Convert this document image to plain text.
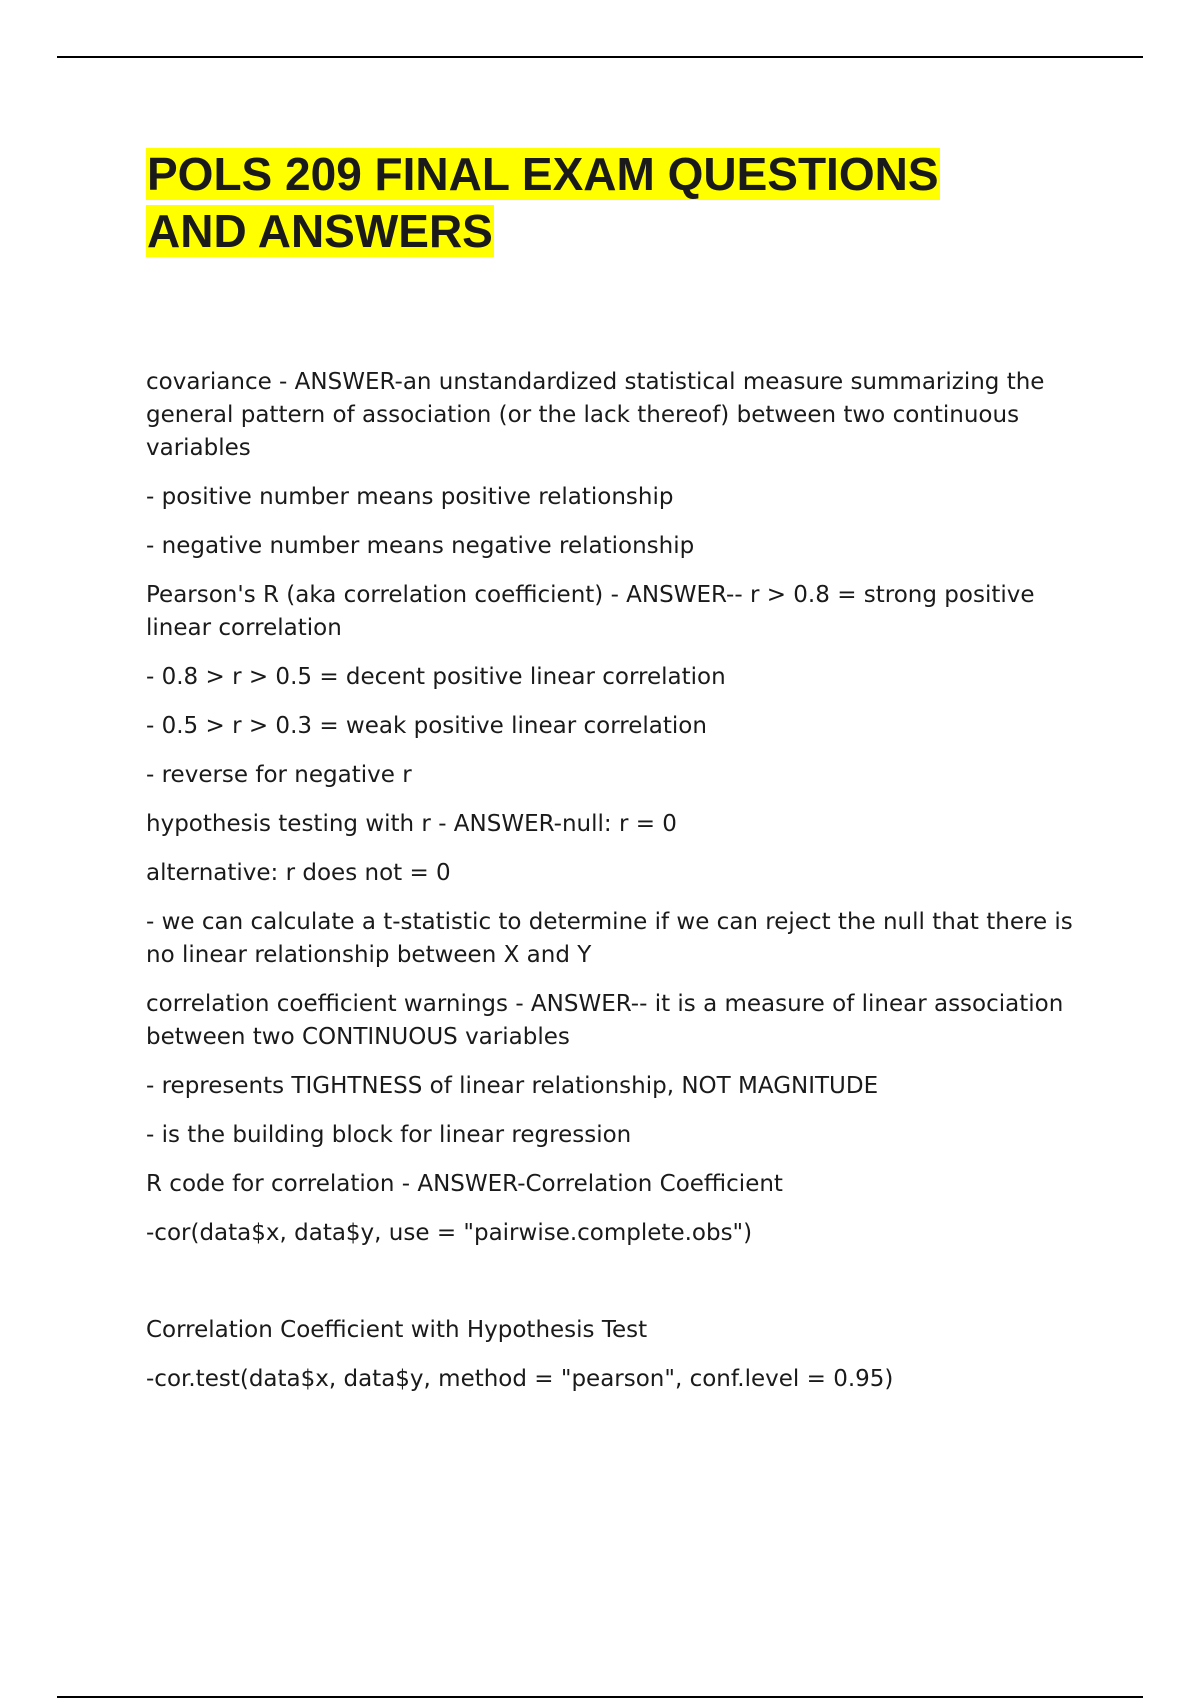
POLS 209 FINAL EXAM QUESTIONS
AND ANSWERS

covariance - ANSWER-an unstandardized statistical measure summarizing the general pattern of association (or the lack thereof) between two continuous variables

- positive number means positive relationship

- negative number means negative relationship

Pearson's R (aka correlation coefficient) - ANSWER-- r > 0.8 = strong positive linear correlation

- 0.8 > r > 0.5 = decent positive linear correlation

- 0.5 > r > 0.3 = weak positive linear correlation

- reverse for negative r

hypothesis testing with r - ANSWER-null: r = 0

alternative: r does not = 0

- we can calculate a t-statistic to determine if we can reject the null that there is no linear relationship between X and Y

correlation coefficient warnings - ANSWER-- it is a measure of linear association between two CONTINUOUS variables

- represents TIGHTNESS of linear relationship, NOT MAGNITUDE

- is the building block for linear regression

R code for correlation - ANSWER-Correlation Coefficient

-cor(data$x, data$y, use = "pairwise.complete.obs")

Correlation Coefficient with Hypothesis Test

-cor.test(data$x, data$y, method = "pearson", conf.level = 0.95)
